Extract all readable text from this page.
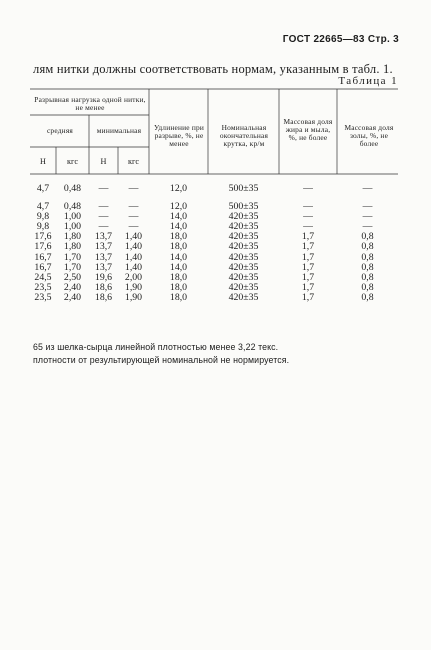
ГОСТ 22665—83 Стр. 3
лям нитки должны соответствовать нормам, указанным в табл. 1.
Таблица 1
Разрывная нагрузка одной нитки, не менее
средняя	минимальная
Н	кгс	Н	кгс
Удлинение при разрыве, %, не менее
Номинальная окончательная крутка, кр/м
Массовая доля жира и мыла, %, не более
Массовая доля золы, %, не более
4,7	0,48	—	—	12,0	500±35	—	—
4,7	0,48	—	—	12,0	500±35	—	—
9,8	1,00	—	—	14,0	420±35	—	—
9,8	1,00	—	—	14,0	420±35	—	—
17,6	1,80	13,7	1,40	18,0	420±35	1,7	0,8
17,6	1,80	13,7	1,40	18,0	420±35	1,7	0,8
16,7	1,70	13,7	1,40	14,0	420±35	1,7	0,8
16,7	1,70	13,7	1,40	14,0	420±35	1,7	0,8
24,5	2,50	19,6	2,00	18,0	420±35	1,7	0,8
23,5	2,40	18,6	1,90	18,0	420±35	1,7	0,8
23,5	2,40	18,6	1,90	18,0	420±35	1,7	0,8
65 из шелка-сырца линейной плотностью менее 3,22 текс.
плотности от результирующей номинальной не нормируется.
